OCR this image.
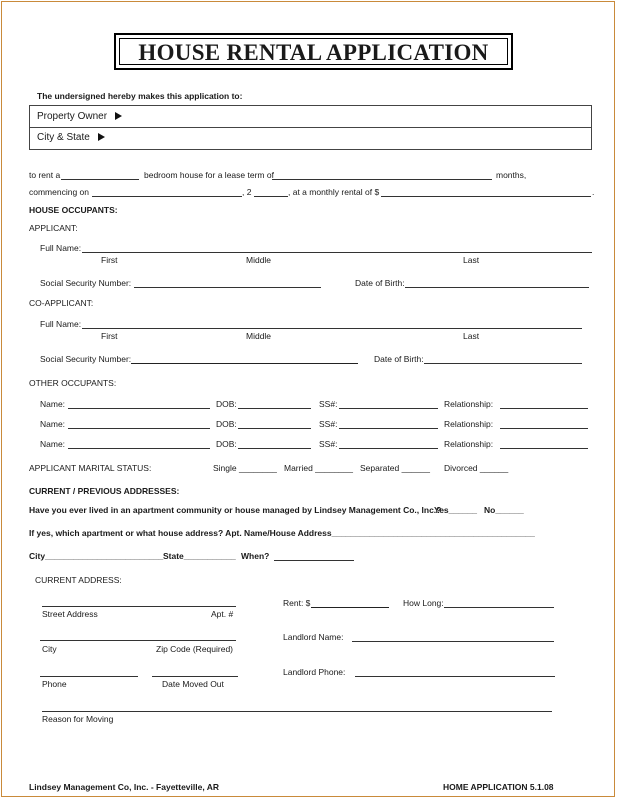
HOUSE RENTAL APPLICATION
The undersigned hereby makes this application to:
Property Owner
City & State
to rent a	bedroom house for a lease term of	months,
commencing on	, 2	, at a monthly rental of $	.
HOUSE OCCUPANTS:
APPLICANT:
Full Name:
First	Middle	Last
Social Security Number:	Date of Birth:
CO-APPLICANT:
Full Name:
First	Middle	Last
Social Security Number:	Date of Birth:
OTHER OCCUPANTS:
Name:	DOB:	SS#:	Relationship:
Name:	DOB:	SS#:	Relationship:
Name:	DOB:	SS#:	Relationship:
APPLICANT MARITAL STATUS:	Single ________ Married ________ Separated ______ Divorced ______
CURRENT / PREVIOUS ADDRESSES:
Have you ever lived in an apartment community or house managed by Lindsey Management Co., Inc.?
Yes______ No______
If yes, which apartment or what house address? Apt. Name/House Address___________________________________________
City_________________________ State___________ When?
CURRENT ADDRESS:
Street Address	Apt. #
City	Zip Code (Required)
Phone	Date Moved Out
Rent: $	How Long:
Landlord Name:
Landlord Phone:
Reason for Moving
Lindsey Management Co, Inc. - Fayetteville, AR	HOME APPLICATION 5.1.08
